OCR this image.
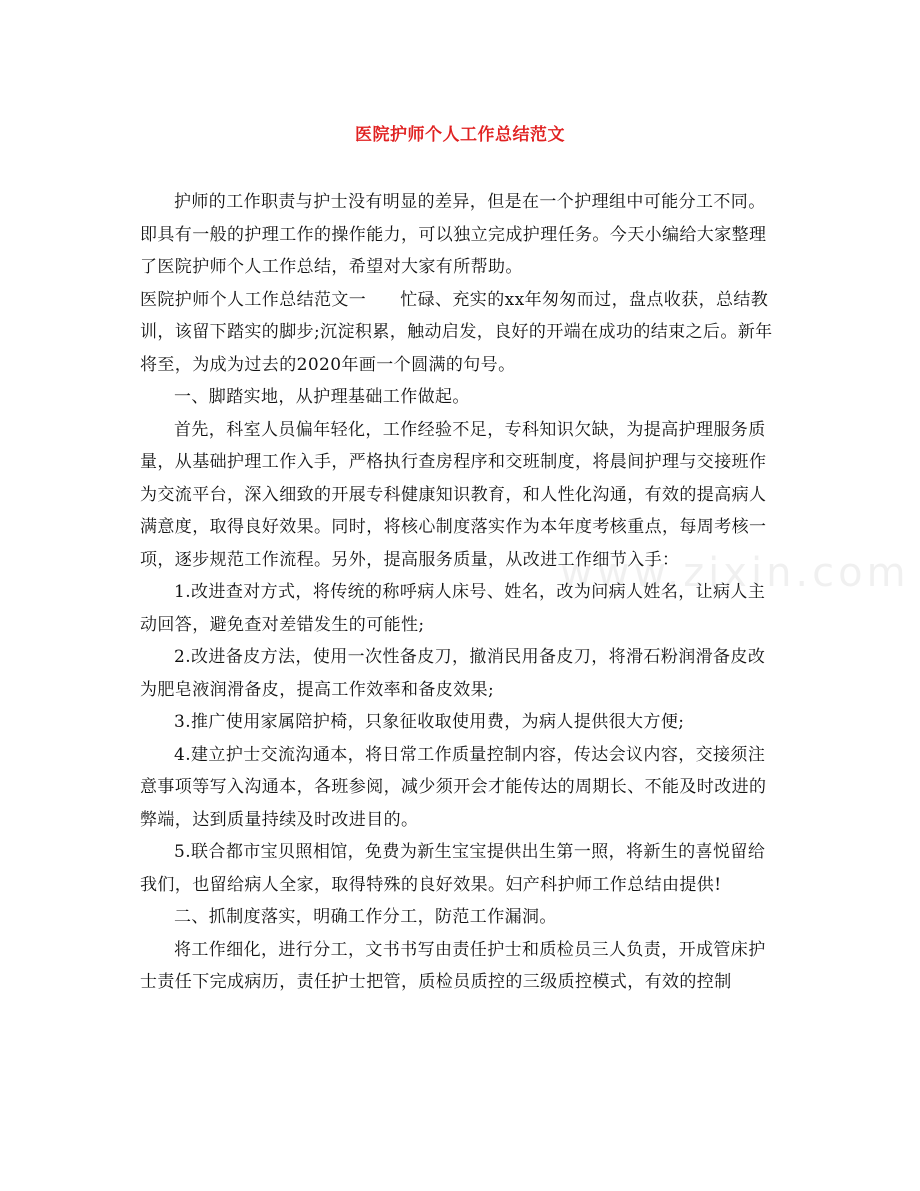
医院护师个人工作总结范文
www.zixin.com

护师的工作职责与护士没有明显的差异，但是在一个护理组中可能分工不同。即具有一般的护理工作的操作能力，可以独立完成护理任务。今天小编给大家整理了医院护师个人工作总结，希望对大家有所帮助。

医院护师个人工作总结范文一 忙碌、充实的xx年匆匆而过，盘点收获，总结教训，该留下踏实的脚步;沉淀积累，触动启发，良好的开端在成功的结束之后。新年将至，为成为过去的2020年画一个圆满的句号。

一、脚踏实地，从护理基础工作做起。

首先，科室人员偏年轻化，工作经验不足，专科知识欠缺，为提高护理服务质量，从基础护理工作入手，严格执行查房程序和交班制度，将晨间护理与交接班作为交流平台，深入细致的开展专科健康知识教育，和人性化沟通，有效的提高病人满意度，取得良好效果。同时，将核心制度落实作为本年度考核重点，每周考核一项，逐步规范工作流程。另外，提高服务质量，从改进工作细节入手：

1.改进查对方式，将传统的称呼病人床号、姓名，改为问病人姓名，让病人主动回答，避免查对差错发生的可能性;

2.改进备皮方法，使用一次性备皮刀，撤消民用备皮刀，将滑石粉润滑备皮改为肥皂液润滑备皮，提高工作效率和备皮效果;

3.推广使用家属陪护椅，只象征收取使用费，为病人提供很大方便;

4.建立护士交流沟通本，将日常工作质量控制内容，传达会议内容，交接须注意事项等写入沟通本，各班参阅，减少须开会才能传达的周期长、不能及时改进的弊端，达到质量持续及时改进目的。

5.联合都市宝贝照相馆，免费为新生宝宝提供出生第一照，将新生的喜悦留给我们，也留给病人全家，取得特殊的良好效果。妇产科护师工作总结由提供!

二、抓制度落实，明确工作分工，防范工作漏洞。

将工作细化，进行分工，文书书写由责任护士和质检员三人负责，开成管床护士责任下完成病历，责任护士把管，质检员质控的三级质控模式，有效的控制
